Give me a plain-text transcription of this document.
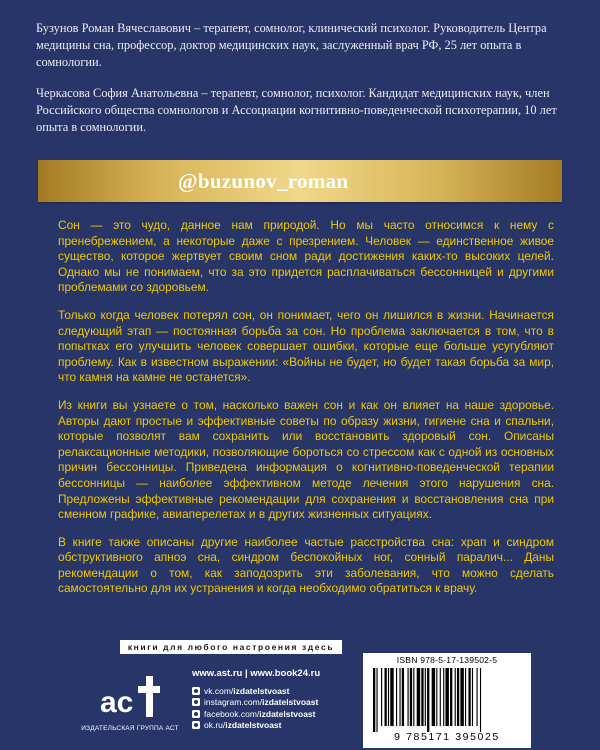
Бузунов Роман Вячеславович – терапевт, сомнолог, клинический психолог. Руководитель Центра медицины сна, профессор, доктор медицинских наук, заслуженный врач РФ, 25 лет опыта в сомнологии.

Черкасова София Анатольевна – терапевт, сомнолог, психолог. Кандидат медицинских наук, член Российского общества сомнологов и Ассоциации когнитивно-поведенческой психотерапии, 10 лет опыта в сомнологии.

@buzunov_roman

Сон — это чудо, данное нам природой. Но мы часто относимся к нему с пренебрежением, а некоторые даже с презрением. Человек — единственное живое существо, которое жертвует своим сном ради достижения каких-то высоких целей. Однако мы не понимаем, что за это придется расплачиваться бессонницей и другими проблемами со здоровьем.

Только когда человек потерял сон, он понимает, чего он лишился в жизни. Начинается следующий этап — постоянная борьба за сон. Но проблема заключается в том, что в попытках его улучшить человек совершает ошибки, которые еще больше усугубляют проблему. Как в известном выражении: «Войны не будет, но будет такая борьба за мир, что камня на камне не останется».

Из книги вы узнаете о том, насколько важен сон и как он влияет на наше здоровье. Авторы дают простые и эффективные советы по образу жизни, гигиене сна и спальни, которые позволят вам сохранить или восстановить здоровый сон. Описаны релаксационные методики, позволяющие бороться со стрессом как с одной из основных причин бессонницы. Приведена информация о когнитивно-поведенческой терапии бессонницы — наиболее эффективном методе лечения этого нарушения сна. Предложены эффективные рекомендации для сохранения и восстановления сна при сменном графике, авиаперелетах и в других жизненных ситуациях.

В книге также описаны другие наиболее частые расстройства сна: храп и синдром обструктивного апноэ сна, синдром беспокойных ног, сонный паралич... Даны рекомендации о том, как заподозрить эти заболевания, что можно сделать самостоятельно для их устранения и когда необходимо обратиться к врачу.

книги для любого настроения здесь
ac
ИЗДАТЕЛЬСКАЯ ГРУППА АСТ
www.ast.ru | www.book24.ru
vk.com/ izdatelstvoast
instagram.com/ izdatelstvoast
facebook.com/ izdatelstvoast
ok.ru/ izdatelstvoast
ISBN 978-5-17-139502-5
9 785171 395025
